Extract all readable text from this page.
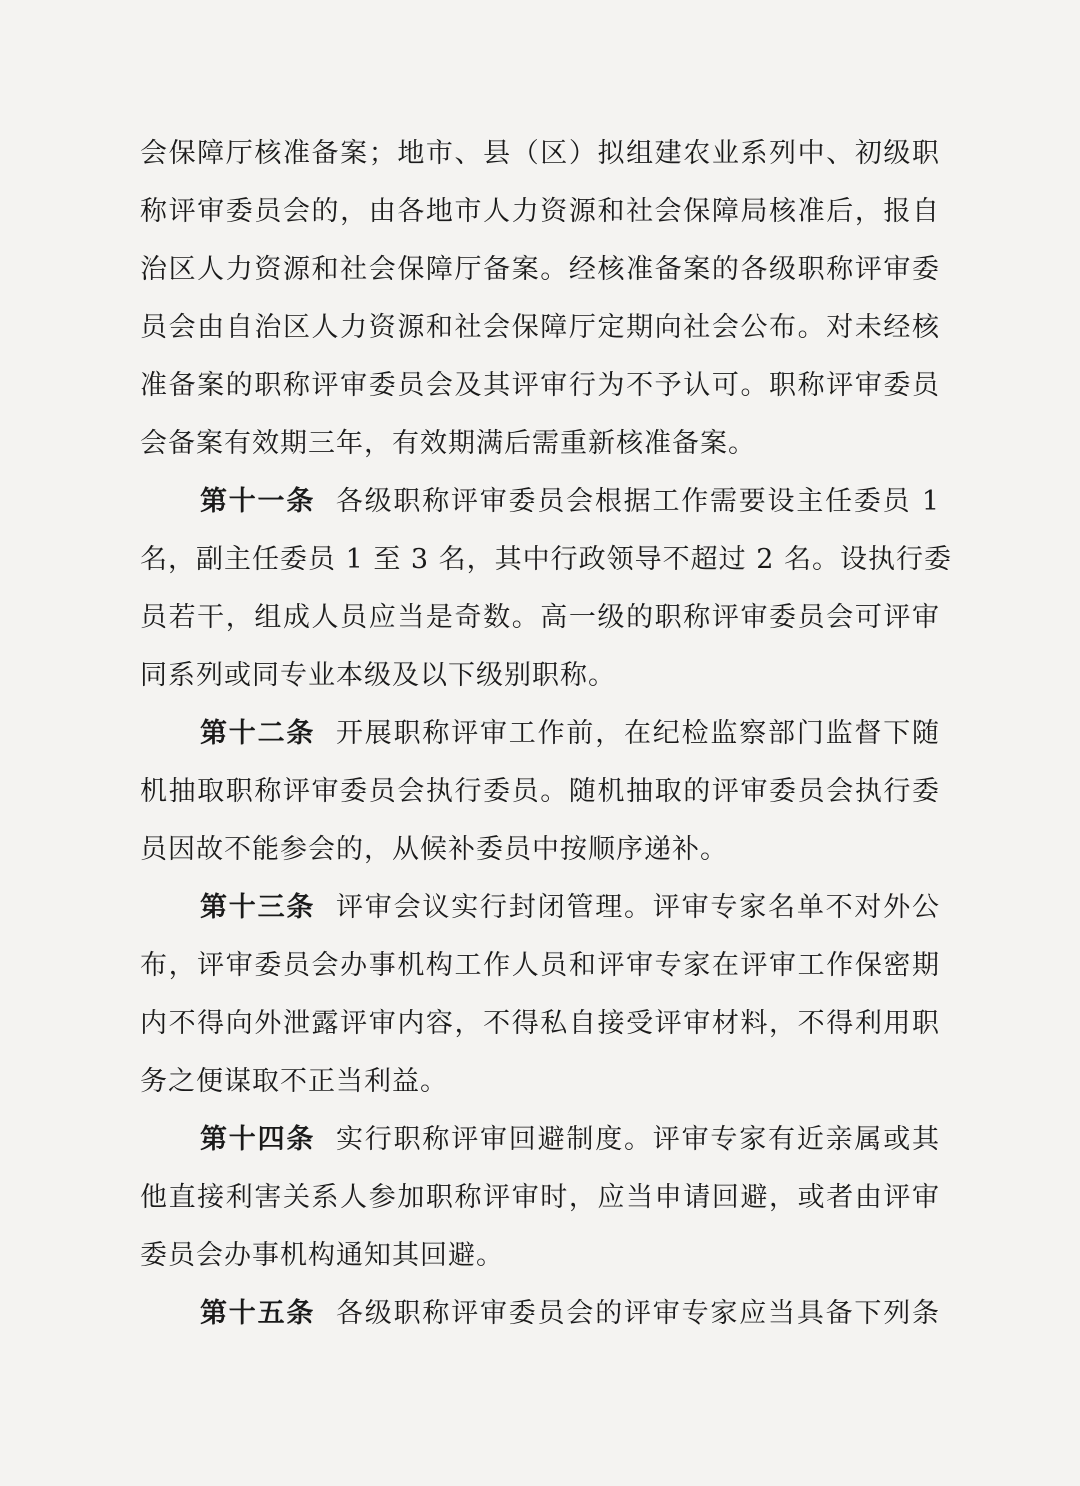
会保障厅核准备案；地市、县（区）拟组建农业系列中、初级职
称评审委员会的，由各地市人力资源和社会保障局核准后，报自
治区人力资源和社会保障厅备案。经核准备案的各级职称评审委
员会由自治区人力资源和社会保障厅定期向社会公布。对未经核
准备案的职称评审委员会及其评审行为不予认可。职称评审委员
会备案有效期三年，有效期满后需重新核准备案。
第十一条 各级职称评审委员会根据工作需要设主任委员 1
名，副主任委员 1 至 3 名，其中行政领导不超过 2 名。设执行委
员若干，组成人员应当是奇数。高一级的职称评审委员会可评审
同系列或同专业本级及以下级别职称。
第十二条 开展职称评审工作前，在纪检监察部门监督下随
机抽取职称评审委员会执行委员。随机抽取的评审委员会执行委
员因故不能参会的，从候补委员中按顺序递补。
第十三条 评审会议实行封闭管理。评审专家名单不对外公
布，评审委员会办事机构工作人员和评审专家在评审工作保密期
内不得向外泄露评审内容，不得私自接受评审材料，不得利用职
务之便谋取不正当利益。
第十四条 实行职称评审回避制度。评审专家有近亲属或其
他直接利害关系人参加职称评审时，应当申请回避，或者由评审
委员会办事机构通知其回避。
第十五条 各级职称评审委员会的评审专家应当具备下列条
